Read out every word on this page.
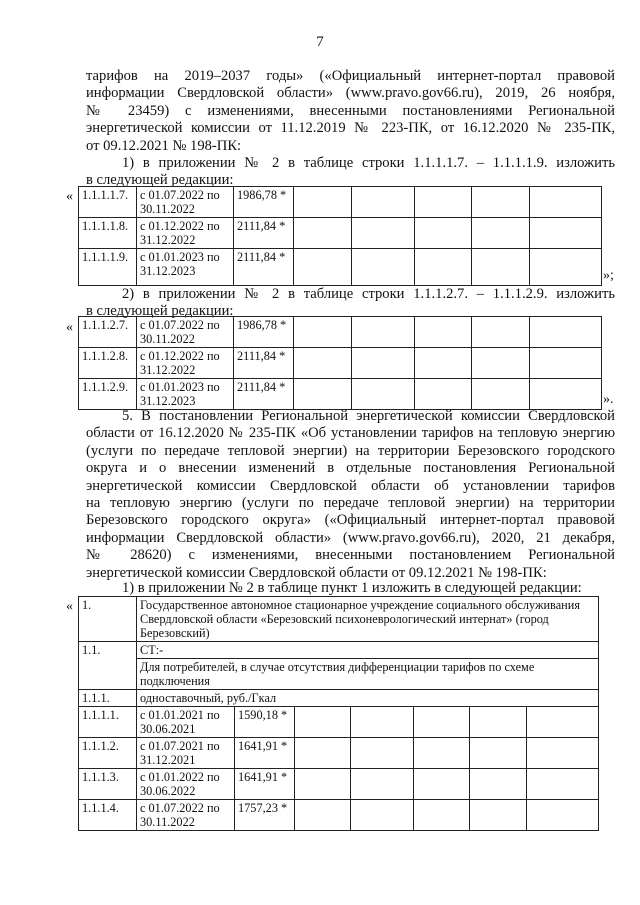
7
тарифов на 2019–2037 годы» («Официальный интернет-портал правовой
информации Свердловской области» (www.pravo.gov66.ru), 2019, 26 ноября,
№ 23459) с изменениями, внесенными постановлениями Региональной
энергетической комиссии от 11.12.2019 № 223-ПК, от 16.12.2020 № 235-ПК,
от 09.12.2021 № 198-ПК:
1) в приложении № 2 в таблице строки 1.1.1.1.7. – 1.1.1.1.9. изложить
в следующей редакции:
« 1.1.1.1.7.	с 01.07.2022 по 30.11.2022	1986,78 *					
1.1.1.1.8.	с 01.12.2022 по 31.12.2022	2111,84 *					
1.1.1.1.9.	с 01.01.2023 по 31.12.2023	2111,84 *					
»;
2) в приложении № 2 в таблице строки 1.1.1.2.7. – 1.1.1.2.9. изложить
в следующей редакции:
« 1.1.1.2.7.	с 01.07.2022 по 30.11.2022	1986,78 *					
1.1.1.2.8.	с 01.12.2022 по 31.12.2022	2111,84 *					
1.1.1.2.9.	с 01.01.2023 по 31.12.2023	2111,84 *					
».
5. В постановлении Региональной энергетической комиссии Свердловской
области от 16.12.2020 № 235-ПК «Об установлении тарифов на тепловую энергию
(услуги по передаче тепловой энергии) на территории Березовского городского
округа и о внесении изменений в отдельные постановления Региональной
энергетической комиссии Свердловской области об установлении тарифов
на тепловую энергию (услуги по передаче тепловой энергии) на территории
Березовского городского округа» («Официальный интернет-портал правовой
информации Свердловской области» (www.pravo.gov66.ru), 2020, 21 декабря,
№ 28620) с изменениями, внесенными постановлением Региональной
энергетической комиссии Свердловской области от 09.12.2021 № 198-ПК:
1) в приложении № 2 в таблице пункт 1 изложить в следующей редакции:
« 1.	Государственное автономное стационарное учреждение социального обслуживания Свердловской области «Березовский психоневрологический интернат» (город Березовский)						
1.1.	СТ:-						
	Для потребителей, в случае отсутствия дифференциации тарифов по схеме подключения						
1.1.1.	одноставочный, руб./Гкал						
1.1.1.1.	с 01.01.2021 по 30.06.2021	1590,18 *					
1.1.1.2.	с 01.07.2021 по 31.12.2021	1641,91 *					
1.1.1.3.	с 01.01.2022 по 30.06.2022	1641,91 *					
1.1.1.4.	с 01.07.2022 по 30.11.2022	1757,23 *					
